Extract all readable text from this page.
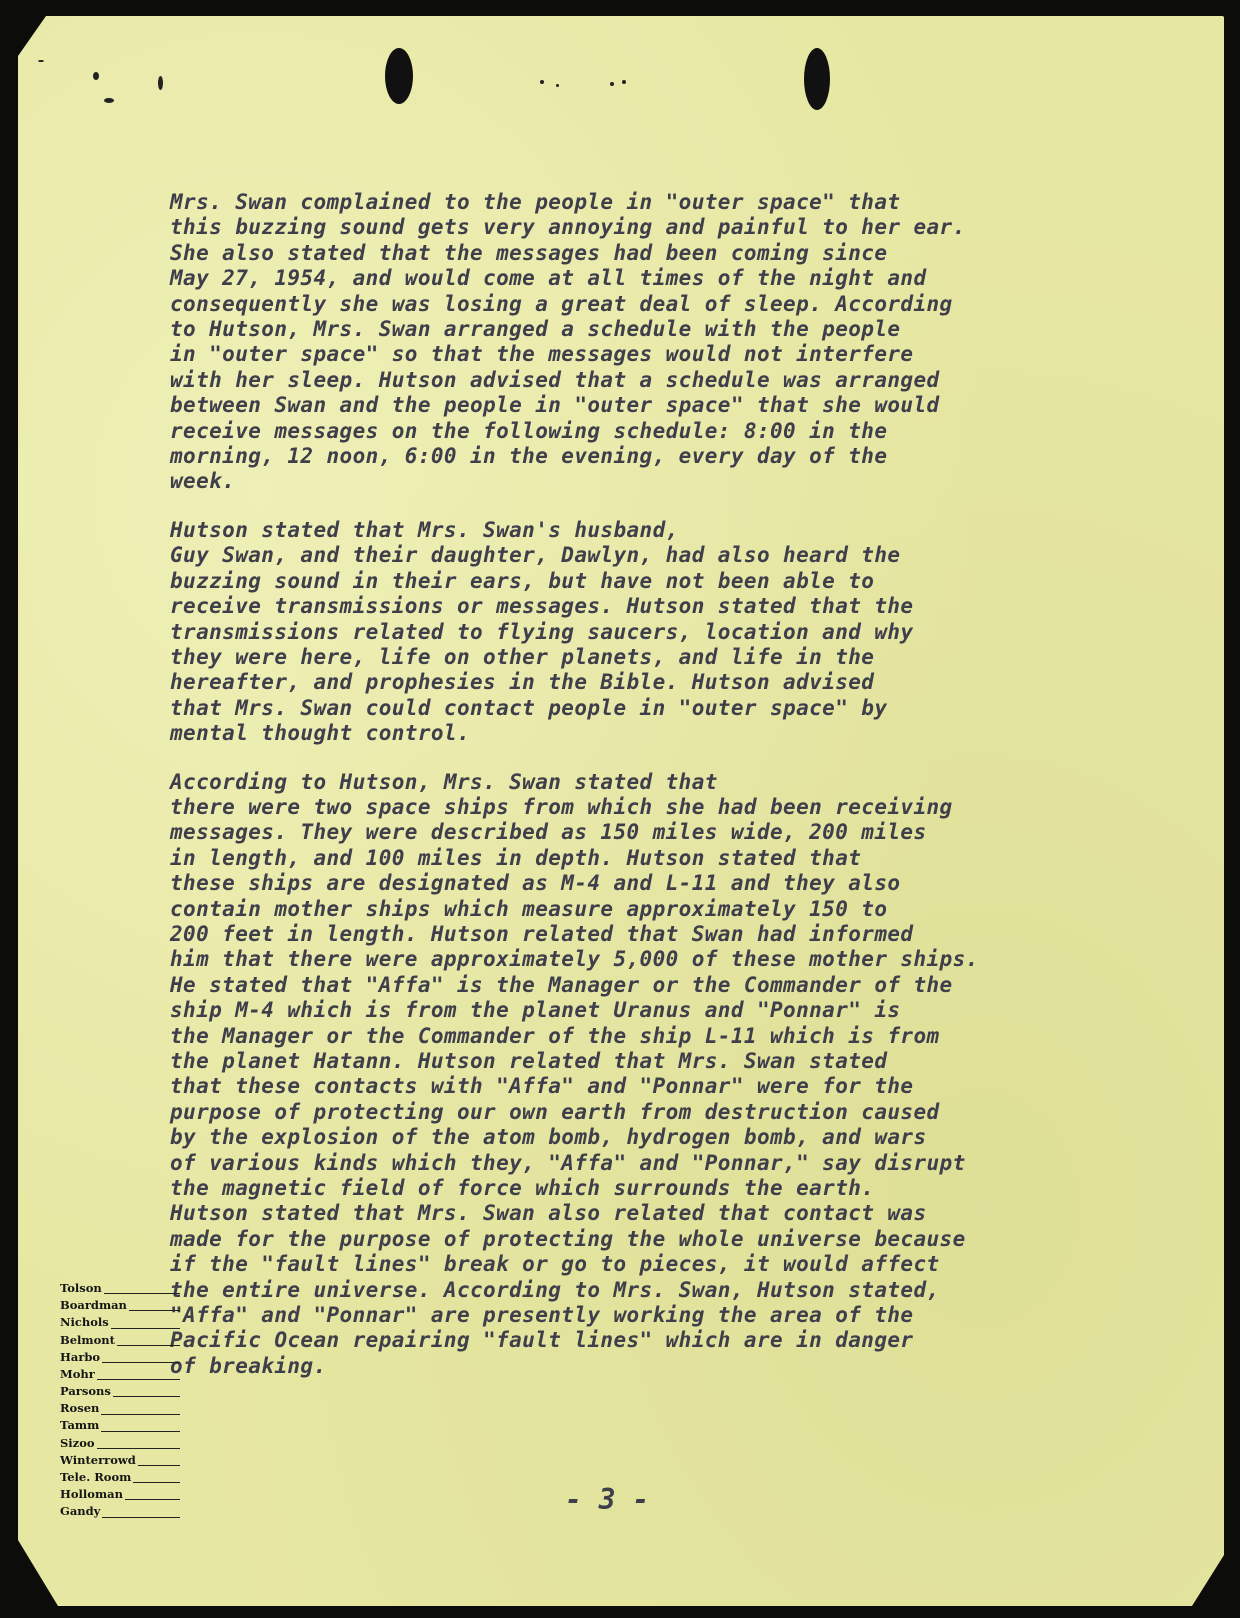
Mrs. Swan complained to the people in "outer space" that
this buzzing sound gets very annoying and painful to her ear.
She also stated that the messages had been coming since
May 27, 1954, and would come at all times of the night and
consequently she was losing a great deal of sleep. According
to Hutson, Mrs. Swan arranged a schedule with the people
in "outer space" so that the messages would not interfere
with her sleep. Hutson advised that a schedule was arranged
between Swan and the people in "outer space" that she would
receive messages on the following schedule: 8:00 in the
morning, 12 noon, 6:00 in the evening, every day of the
week.

Hutson stated that Mrs. Swan's husband,
Guy Swan, and their daughter, Dawlyn, had also heard the
buzzing sound in their ears, but have not been able to
receive transmissions or messages. Hutson stated that the
transmissions related to flying saucers, location and why
they were here, life on other planets, and life in the
hereafter, and prophesies in the Bible. Hutson advised
that Mrs. Swan could contact people in "outer space" by
mental thought control.

According to Hutson, Mrs. Swan stated that
there were two space ships from which she had been receiving
messages. They were described as 150 miles wide, 200 miles
in length, and 100 miles in depth. Hutson stated that
these ships are designated as M-4 and L-11 and they also
contain mother ships which measure approximately 150 to
200 feet in length. Hutson related that Swan had informed
him that there were approximately 5,000 of these mother ships.
He stated that "Affa" is the Manager or the Commander of the
ship M-4 which is from the planet Uranus and "Ponnar" is
the Manager or the Commander of the ship L-11 which is from
the planet Hatann. Hutson related that Mrs. Swan stated
that these contacts with "Affa" and "Ponnar" were for the
purpose of protecting our own earth from destruction caused
by the explosion of the atom bomb, hydrogen bomb, and wars
of various kinds which they, "Affa" and "Ponnar," say disrupt
the magnetic field of force which surrounds the earth.
Hutson stated that Mrs. Swan also related that contact was
made for the purpose of protecting the whole universe because
if the "fault lines" break or go to pieces, it would affect
the entire universe. According to Mrs. Swan, Hutson stated,
"Affa" and "Ponnar" are presently working the area of the
Pacific Ocean repairing "fault lines" which are in danger
of breaking.

Tolson
Boardman
Nichols
Belmont
Harbo
Mohr
Parsons
Rosen
Tamm
Sizoo
Winterrowd
Tele. Room
Holloman
Gandy	- 3 -
